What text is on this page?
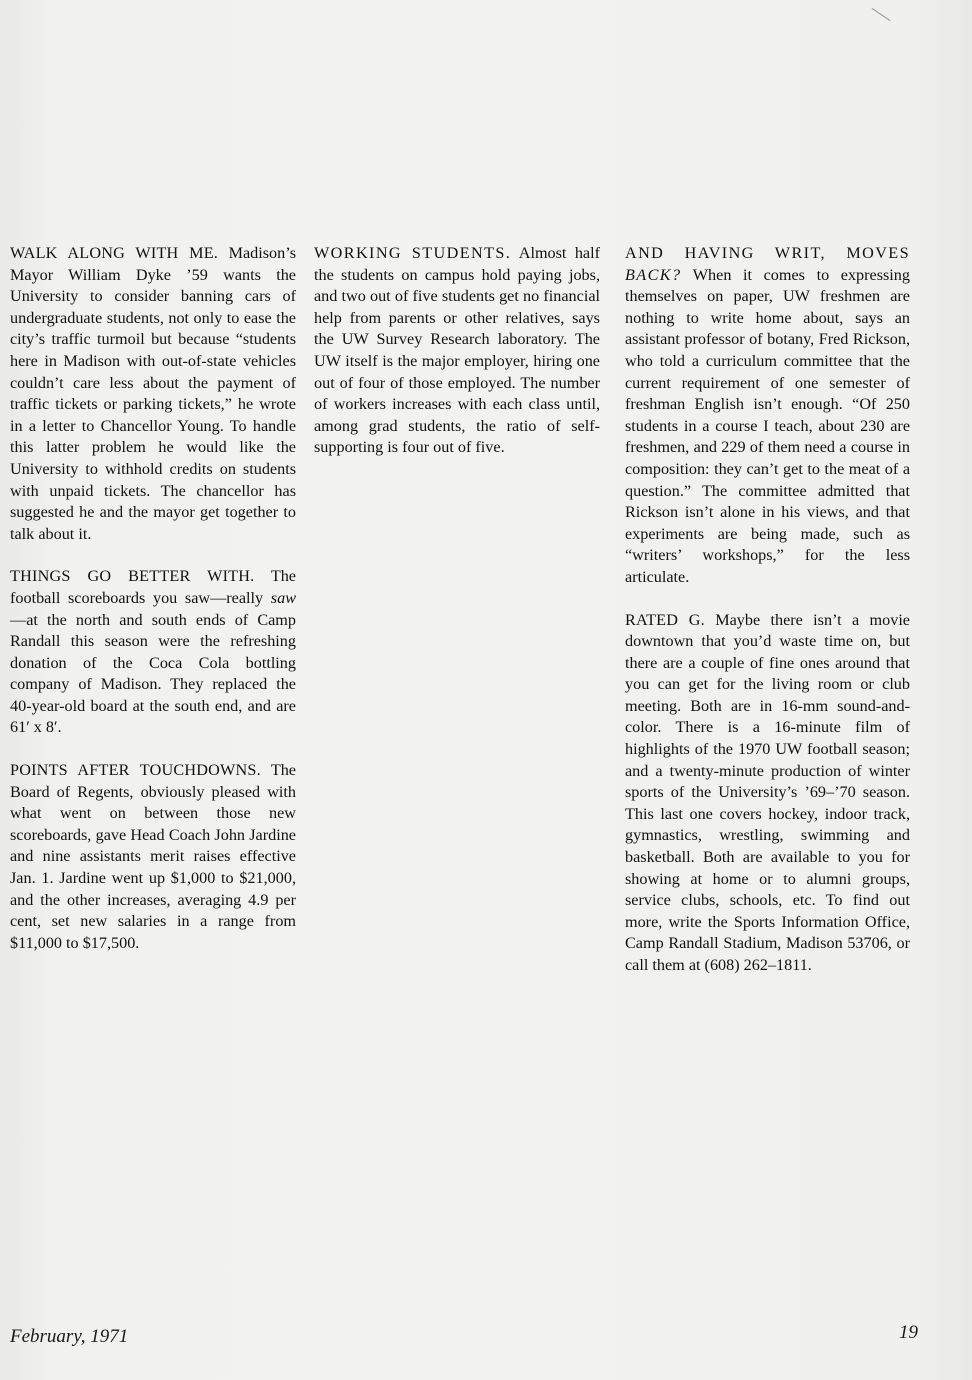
WALK ALONG WITH ME. Madison’s Mayor William Dyke ’59 wants the University to consider banning cars of undergraduate students, not only to ease the city’s traffic turmoil but because “students here in Madison with out-of-state vehicles couldn’t care less about the payment of traffic tickets or parking tickets,” he wrote in a letter to Chancellor Young. To handle this latter problem he would like the University to withhold credits on students with unpaid tickets. The chancellor has suggested he and the mayor get together to talk about it.

THINGS GO BETTER WITH. The football scoreboards you saw—really saw—at the north and south ends of Camp Randall this season were the refreshing donation of the Coca Cola bottling company of Madison. They replaced the 40-year-old board at the south end, and are 61′ x 8′.

POINTS AFTER TOUCHDOWNS. The Board of Regents, obviously pleased with what went on between those new scoreboards, gave Head Coach John Jardine and nine assistants merit raises effective Jan. 1. Jardine went up $1,000 to $21,000, and the other increases, averaging 4.9 per cent, set new salaries in a range from $11,000 to $17,500.

WORKING STUDENTS. Almost half the students on campus hold paying jobs, and two out of five students get no financial help from parents or other relatives, says the UW Survey Research laboratory. The UW itself is the major employer, hiring one out of four of those employed. The number of workers increases with each class until, among grad students, the ratio of self-supporting is four out of five.

AND HAVING WRIT, MOVES BACK? When it comes to expressing themselves on paper, UW freshmen are nothing to write home about, says an assistant professor of botany, Fred Rickson, who told a curriculum committee that the current requirement of one semester of freshman English isn’t enough. “Of 250 students in a course I teach, about 230 are freshmen, and 229 of them need a course in composition: they can’t get to the meat of a question.” The committee admitted that Rickson isn’t alone in his views, and that experiments are being made, such as “writers’ workshops,” for the less articulate.

RATED G. Maybe there isn’t a movie downtown that you’d waste time on, but there are a couple of fine ones around that you can get for the living room or club meeting. Both are in 16-mm sound-and-color. There is a 16-minute film of highlights of the 1970 UW football season; and a twenty-minute production of winter sports of the University’s ’69–’70 season. This last one covers hockey, indoor track, gymnastics, wrestling, swimming and basketball. Both are available to you for showing at home or to alumni groups, service clubs, schools, etc. To find out more, write the Sports Information Office, Camp Randall Stadium, Madison 53706, or call them at (608) 262–1811.

February, 1971	19
